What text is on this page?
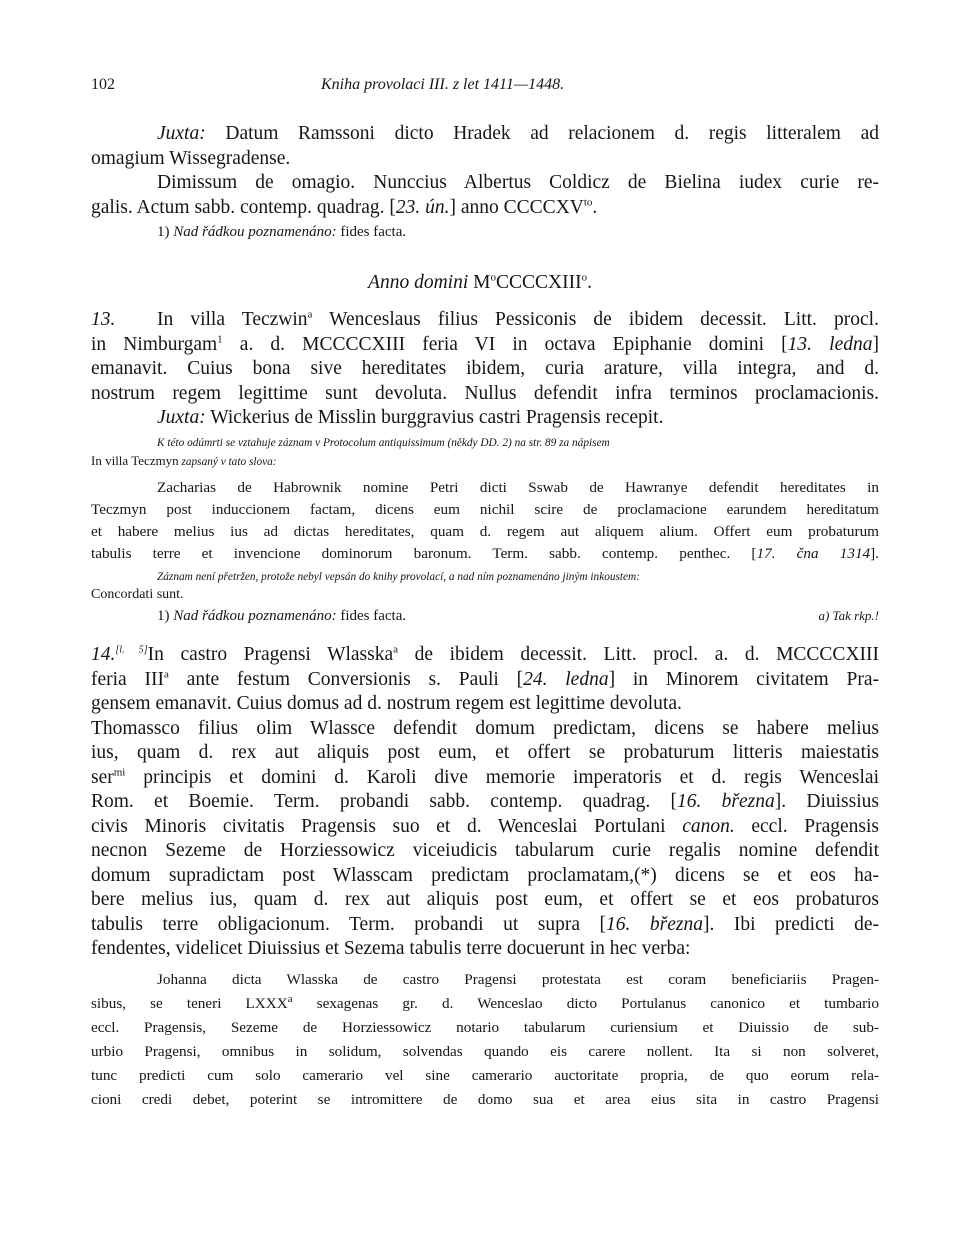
102	Kniha provolaci III. z let 1411—1448.

Juxta: Datum Ramssoni dicto Hradek ad relacionem d. regis litteralem ad
omagium Wissegradense.

Dimissum de omagio. Nunccius Albertus Coldicz de Bielina iudex curie re-
galis. Actum sabb. contemp. quadrag. [23. ún.] anno $CCCCXV^{to}$.

1) Nad řádkou poznamenáno: fides facta.

Anno domini $M^oCCCCXIII^o$.

13. In villa Teczwin$^a$ Wenceslaus filius Pessiconis de ibidem decessit. Litt. procl.
in Nimburgam$^1$ a. d. MCCCCXIII feria VI in octava Epiphanie domini [13. ledna]
emanavit. Cuius bona sive hereditates ibidem, curia arature, villa integra, and d.
nostrum regem legittime sunt devoluta. Nullus defendit infra terminos proclamacionis.
Juxta: Wickerius de Misslin burggravius castri Pragensis recepit.

K této odúmrti se vztahuje záznam v Protocolum antiquissimum (někdy DD. 2) na str. 89 za nápisem

In villa Teczmyn zapsaný v tato slova:

Zacharias de Habrownik nomine Petri dicti Sswab de Hawranye defendit hereditates in
Teczmyn post induccionem factam, dicens eum nichil scire de proclamacione earundem hereditatum
et habere melius ius ad dictas hereditates, quam d. regem aut aliquem alium. Offert eum probaturum
tabulis terre et invencione dominorum baronum. Term. sabb. contemp. penthec. [17. čna 1314].

Záznam není přetržen, protože nebyl vepsán do knihy provolací, a nad ním poznamenáno jiným inkoustem:

Concordati sunt.

1) Nad řádkou poznamenáno: fides facta.	a) Tak rkp.!

14.[l. 5]In castro Pragensi Wlasska$^a$ de ibidem decessit. Litt. procl. a. d. MCCCCXIII
feria III$^a$ ante festum Conversionis s. Pauli [24. ledna] in Minorem civitatem Pra-
gensem emanavit. Cuius domus ad d. nostrum regem est legittime devoluta.
Thomassco filius olim Wlassce defendit domum predictam, dicens se habere melius
ius, quam d. rex aut aliquis post eum, et offert se probaturum litteris maiestatis
ser$^{mi}$ principis et domini d. Karoli dive memorie imperatoris et d. regis Wenceslai
Rom. et Boemie. Term. probandi sabb. contemp. quadrag. [16. března]. Diuissius
civis Minoris civitatis Pragensis suo et d. Wenceslai Portulani canon. eccl. Pragensis
necnon Sezeme de Horziessowicz viceiudicis tabularum curie regalis nomine defendit
domum supradictam post Wlasscam predictam proclamatam,(*) dicens se et eos ha-
bere melius ius, quam d. rex aut aliquis post eum, et offert se et eos probaturos
tabulis terre obligacionum. Term. probandi ut supra [16. března]. Ibi predicti de-
fendentes, videlicet Diuissius et Sezema tabulis terre docuerunt in hec verba:

Johanna dicta Wlasska de castro Pragensi protestata est coram beneficiariis Pragen-
sibus, se teneri LXXX$^a$ sexagenas gr. d. Wenceslao dicto Portulanus canonico et tumbario
eccl. Pragensis, Sezeme de Horziessowicz notario tabularum curiensium et Diuissio de sub-
urbio Pragensi, omnibus in solidum, solvendas quando eis carere nollent. Ita si non solveret,
tunc predicti cum solo camerario vel sine camerario auctoritate propria, de quo eorum rela-
cioni credi debet, poterint se intromittere de domo sua et area eius sita in castro Pragensi
